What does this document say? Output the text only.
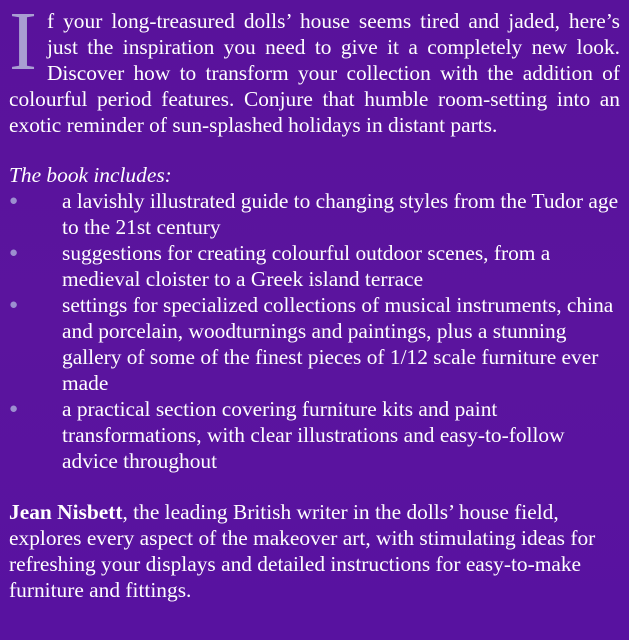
I f your long-treasured dolls’ house seems tired and jaded, here’s just the inspiration you need to give it a completely new look. Discover how to transform your collection with the addition of colourful period features. Conjure that humble room-setting into an exotic reminder of sun-splashed holidays in distant parts.

The book includes:

● a lavishly illustrated guide to changing styles from the Tudor age to the 21st century
● suggestions for creating colourful outdoor scenes, from a medieval cloister to a Greek island terrace
● settings for specialized collections of musical instruments, china and porcelain, woodturnings and paintings, plus a stunning gallery of some of the finest pieces of 1/12 scale furniture ever made
● a practical section covering furniture kits and paint transformations, with clear illustrations and easy-to-follow advice throughout

Jean Nisbett, the leading British writer in the dolls’ house field, explores every aspect of the makeover art, with stimulating ideas for refreshing your displays and detailed instructions for easy-to-make furniture and fittings.
